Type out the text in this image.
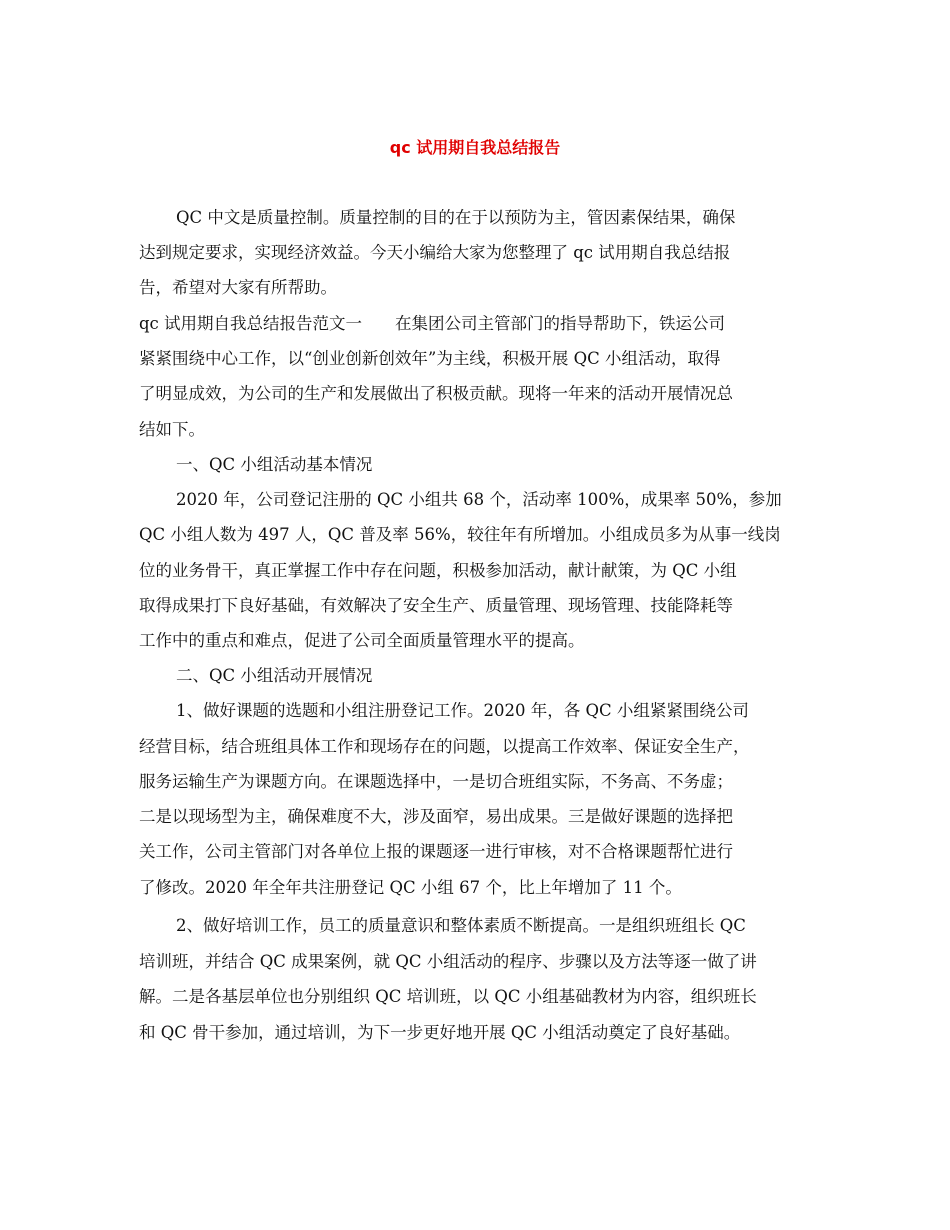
qc 试用期自我总结报告
QC 中文是质量控制。质量控制的目的在于以预防为主，管因素保结果，确保
达到规定要求，实现经济效益。今天小编给大家为您整理了 qc 试用期自我总结报
告，希望对大家有所帮助。
qc 试用期自我总结报告范文一　　在集团公司主管部门的指导帮助下，铁运公司
紧紧围绕中心工作，以“创业创新创效年”为主线，积极开展 QC 小组活动，取得
了明显成效，为公司的生产和发展做出了积极贡献。现将一年来的活动开展情况总
结如下。
一、QC 小组活动基本情况
2020 年，公司登记注册的 QC 小组共 68 个，活动率 100%，成果率 50%，参加
QC 小组人数为 497 人，QC 普及率 56%，较往年有所增加。小组成员多为从事一线岗
位的业务骨干，真正掌握工作中存在问题，积极参加活动，献计献策，为 QC 小组
取得成果打下良好基础，有效解决了安全生产、质量管理、现场管理、技能降耗等
工作中的重点和难点，促进了公司全面质量管理水平的提高。
二、QC 小组活动开展情况
1、做好课题的选题和小组注册登记工作。2020 年，各 QC 小组紧紧围绕公司
经营目标，结合班组具体工作和现场存在的问题，以提高工作效率、保证安全生产，
服务运输生产为课题方向。在课题选择中，一是切合班组实际，不务高、不务虚；
二是以现场型为主，确保难度不大，涉及面窄，易出成果。三是做好课题的选择把
关工作，公司主管部门对各单位上报的课题逐一进行审核，对不合格课题帮忙进行
了修改。2020 年全年共注册登记 QC 小组 67 个，比上年增加了 11 个。
2、做好培训工作，员工的质量意识和整体素质不断提高。一是组织班组长 QC
培训班，并结合 QC 成果案例，就 QC 小组活动的程序、步骤以及方法等逐一做了讲
解。二是各基层单位也分别组织 QC 培训班，以 QC 小组基础教材为内容，组织班长
和 QC 骨干参加，通过培训，为下一步更好地开展 QC 小组活动奠定了良好基础。
